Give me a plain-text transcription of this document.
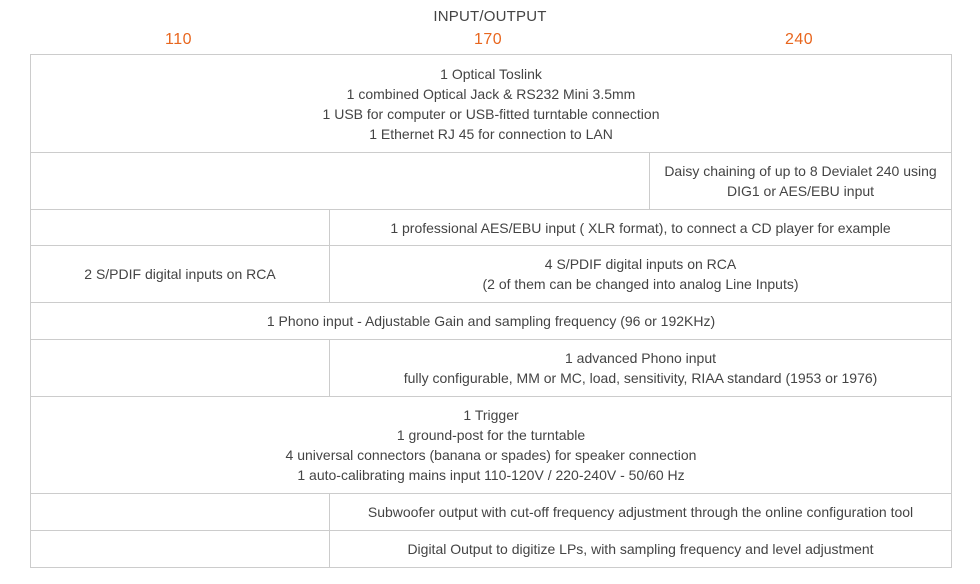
INPUT/OUTPUT
110	170	240
1 Optical Toslink
1 combined Optical Jack & RS232 Mini 3.5mm
1 USB for computer or USB-fitted turntable connection
1 Ethernet RJ 45 for connection to LAN		

		Daisy chaining of up to 8 Devialet 240 using
DIG1 or AES/EBU input

	1 professional AES/EBU input ( XLR format), to connect a CD player for example	

2 S/PDIF digital inputs on RCA	4 S/PDIF digital inputs on RCA
(2 of them can be changed into analog Line Inputs)	

1 Phono input - Adjustable Gain and sampling frequency (96 or 192KHz)		

	1 advanced Phono input
fully configurable, MM or MC, load, sensitivity, RIAA standard (1953 or 1976)	

1 Trigger
1 ground-post for the turntable
4 universal connectors (banana or spades) for speaker connection
1 auto-calibrating mains input 110-120V / 220-240V - 50/60 Hz		

	Subwoofer output with cut-off frequency adjustment through the online configuration tool	

	Digital Output to digitize LPs, with sampling frequency and level adjustment	
